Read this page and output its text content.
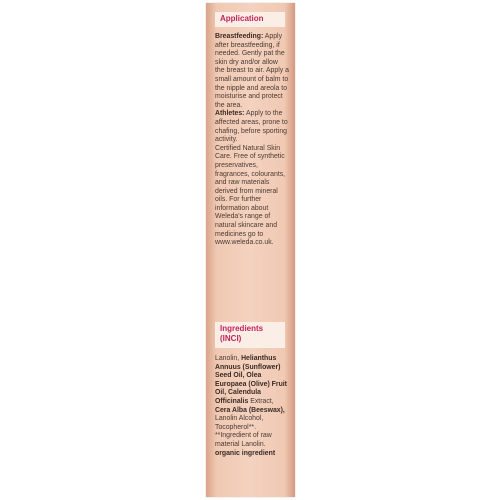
Application
Breastfeeding: Apply after breastfeeding, if needed. Gently pat the skin dry and/or allow the breast to air. Apply a small amount of balm to the nipple and areola to moisturise and protect the area.
Athletes: Apply to the affected areas, prone to chafing, before sporting activity.
Certified Natural Skin Care. Free of synthetic preservatives, fragrances, colourants, and raw materials derived from mineral oils. For further information about Weleda's range of natural skincare and medicines go to www.weleda.co.uk.
Ingredients (INCI)
Lanolin, Helianthus Annuus (Sunflower) Seed Oil, Olea Europaea (Olive) Fruit Oil, Calendula Officinalis Extract, Cera Alba (Beeswax), Lanolin Alcohol, Tocopherol**. **Ingredient of raw material Lanolin. organic ingredient
